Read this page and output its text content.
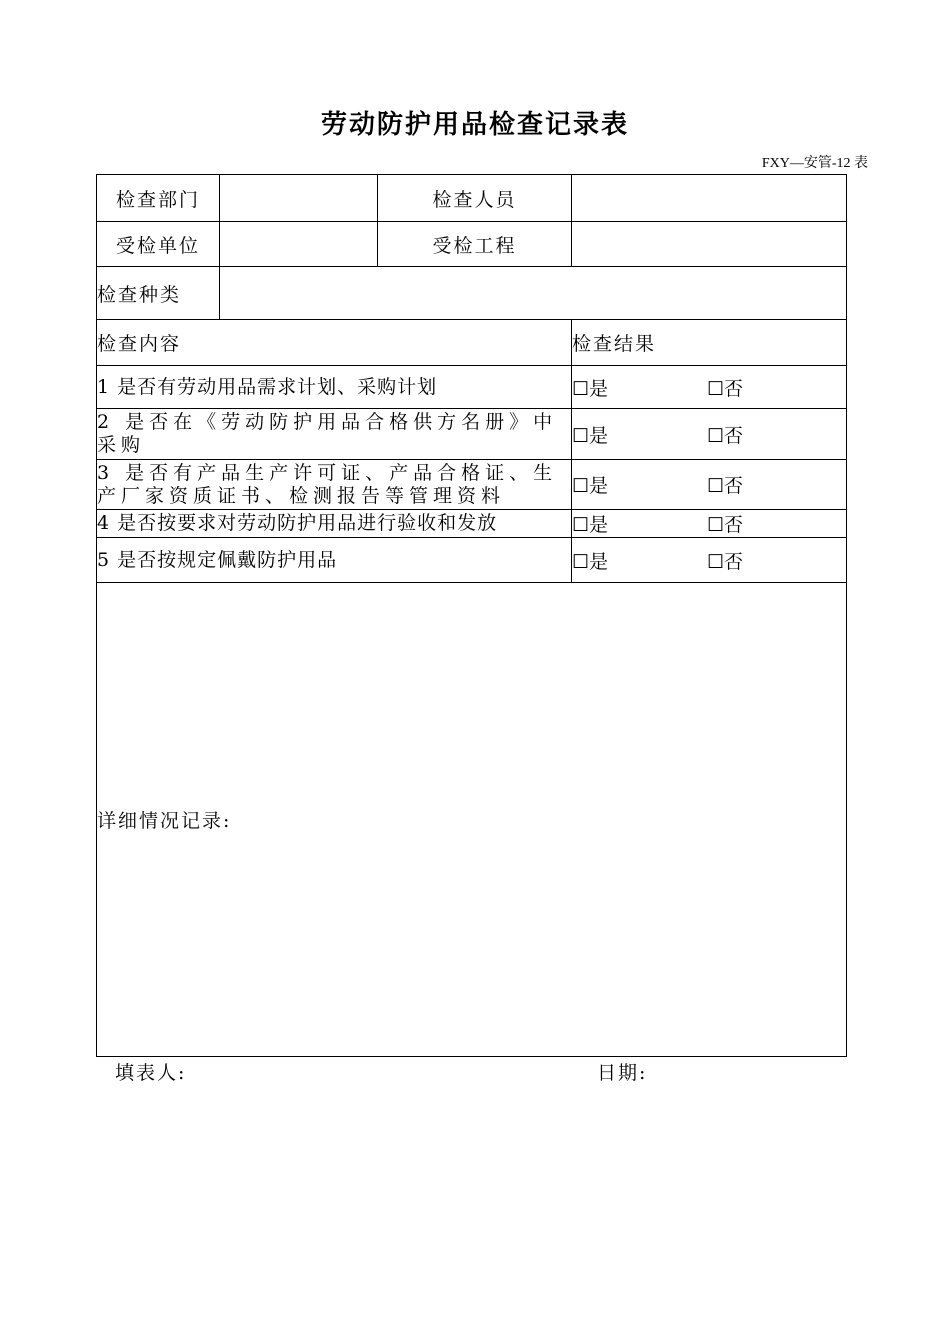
劳动防护用品检查记录表
FXY—安管-12 表
检查部门		检查人员	
受检单位		受检工程	
检查种类			
检查内容			检查结果
1 是否有劳动用品需求计划、采购计划			☐是 ☐否
2 是否在《劳动防护用品合格供方名册》中采购			☐是 ☐否
3 是否有产品生产许可证、产品合格证、生产厂家资质证书、检测报告等管理资料			☐是 ☐否
4 是否按要求对劳动防护用品进行验收和发放			☐是 ☐否
5 是否按规定佩戴防护用品			☐是 ☐否

详细情况记录:			
填表人:	日期:
